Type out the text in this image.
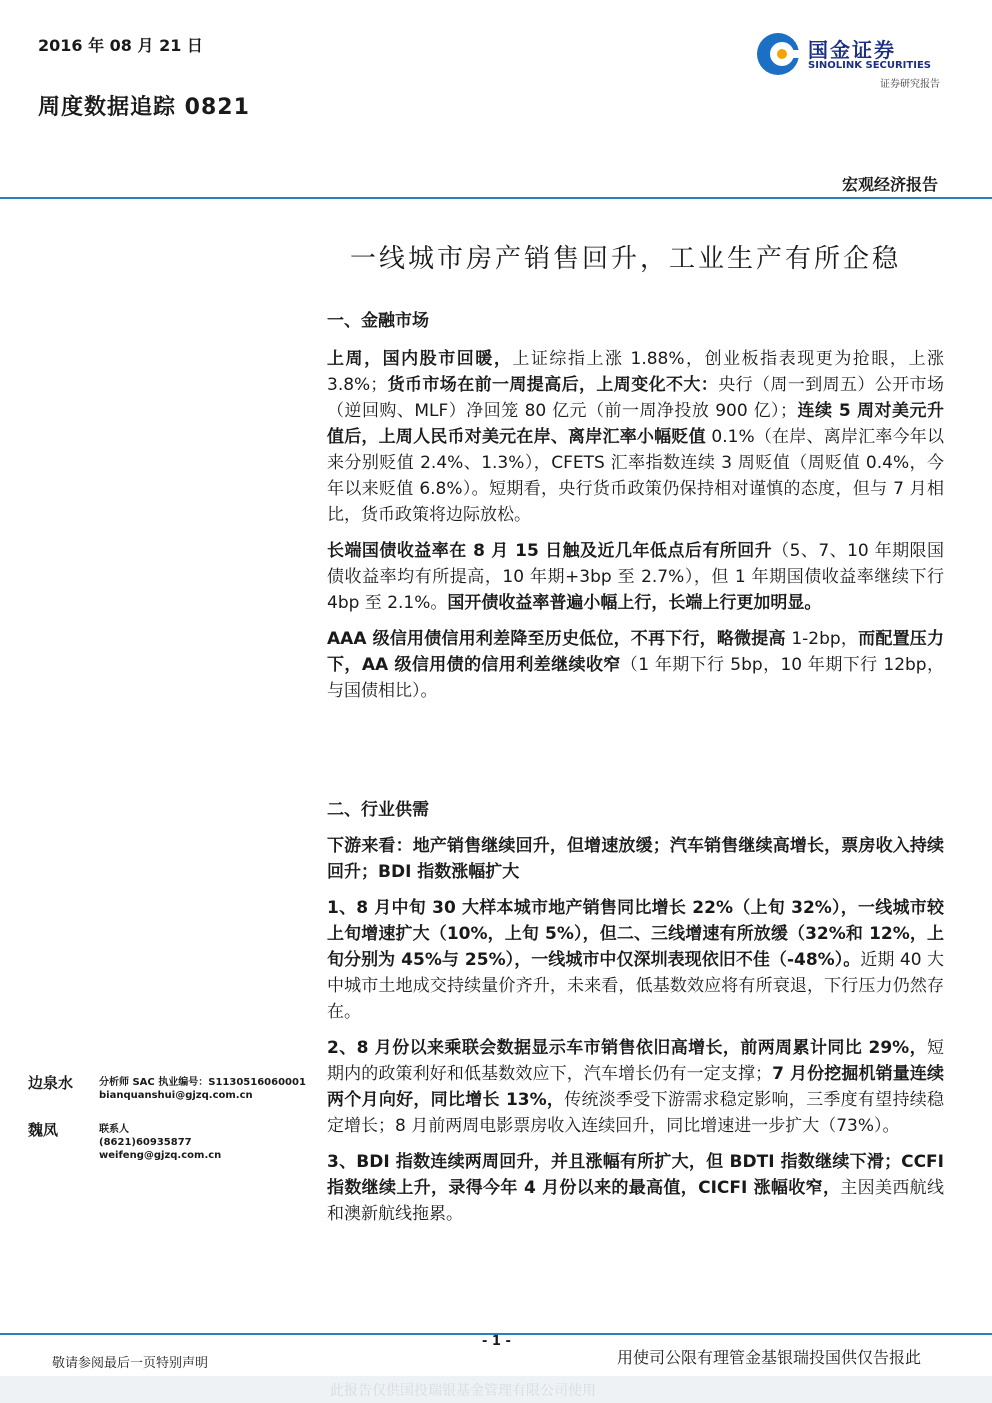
2016 年 08 月 21 日
周度数据追踪 0821
国金证券
SINOLINK SECURITIES
证券研究报告
宏观经济报告
一线城市房产销售回升，工业生产有所企稳
一、金融市场

上周，国内股市回暖，上证综指上涨 1.88%，创业板指表现更为抢眼，上涨 3.8%；货币市场在前一周提高后，上周变化不大：央行（周一到周五）公开市场（逆回购、MLF）净回笼 80 亿元（前一周净投放 900 亿）；连续 5 周对美元升值后，上周人民币对美元在岸、离岸汇率小幅贬值 0.1%（在岸、离岸汇率今年以来分别贬值 2.4%、1.3%），CFETS 汇率指数连续 3 周贬值（周贬值 0.4%，今年以来贬值 6.8%）。短期看，央行货币政策仍保持相对谨慎的态度，但与 7 月相比，货币政策将边际放松。

长端国债收益率在 8 月 15 日触及近几年低点后有所回升（5、7、10 年期限国债收益率均有所提高，10 年期+3bp 至 2.7%），但 1 年期国债收益率继续下行 4bp 至 2.1%。国开债收益率普遍小幅上行，长端上行更加明显。

AAA 级信用债信用利差降至历史低位，不再下行，略微提高 1-2bp，而配置压力下，AA 级信用债的信用利差继续收窄（1 年期下行 5bp，10 年期下行 12bp，与国债相比）。

二、行业供需

下游来看：地产销售继续回升，但增速放缓；汽车销售继续高增长，票房收入持续回升；BDI 指数涨幅扩大

1、8 月中旬 30 大样本城市地产销售同比增长 22%（上旬 32%），一线城市较上旬增速扩大（10%，上旬 5%），但二、三线增速有所放缓（32%和 12%，上旬分别为 45%与 25%），一线城市中仅深圳表现依旧不佳（-48%）。近期 40 大中城市土地成交持续量价齐升，未来看，低基数效应将有所衰退，下行压力仍然存在。

2、8 月份以来乘联会数据显示车市销售依旧高增长，前两周累计同比 29%，短期内的政策利好和低基数效应下，汽车增长仍有一定支撑；7 月份挖掘机销量连续两个月向好，同比增长 13%，传统淡季受下游需求稳定影响，三季度有望持续稳定增长；8 月前两周电影票房收入连续回升，同比增速进一步扩大（73%）。

3、BDI 指数连续两周回升，并且涨幅有所扩大，但 BDTI 指数继续下滑；CCFI 指数继续上升，录得今年 4 月份以来的最高值，CICFI 涨幅收窄，主因美西航线和澳新航线拖累。

边泉水	分析师 SAC 执业编号：S1130516060001
bianquanshui@gjzq.com.cn
魏凤	联系人
(8621)60935877
weifeng@gjzq.com.cn
- 1 -
敬请参阅最后一页特别声明	用使司公限有理管金基银瑞投国供仅告报此
此报告仅供国投瑞银基金管理有限公司使用
